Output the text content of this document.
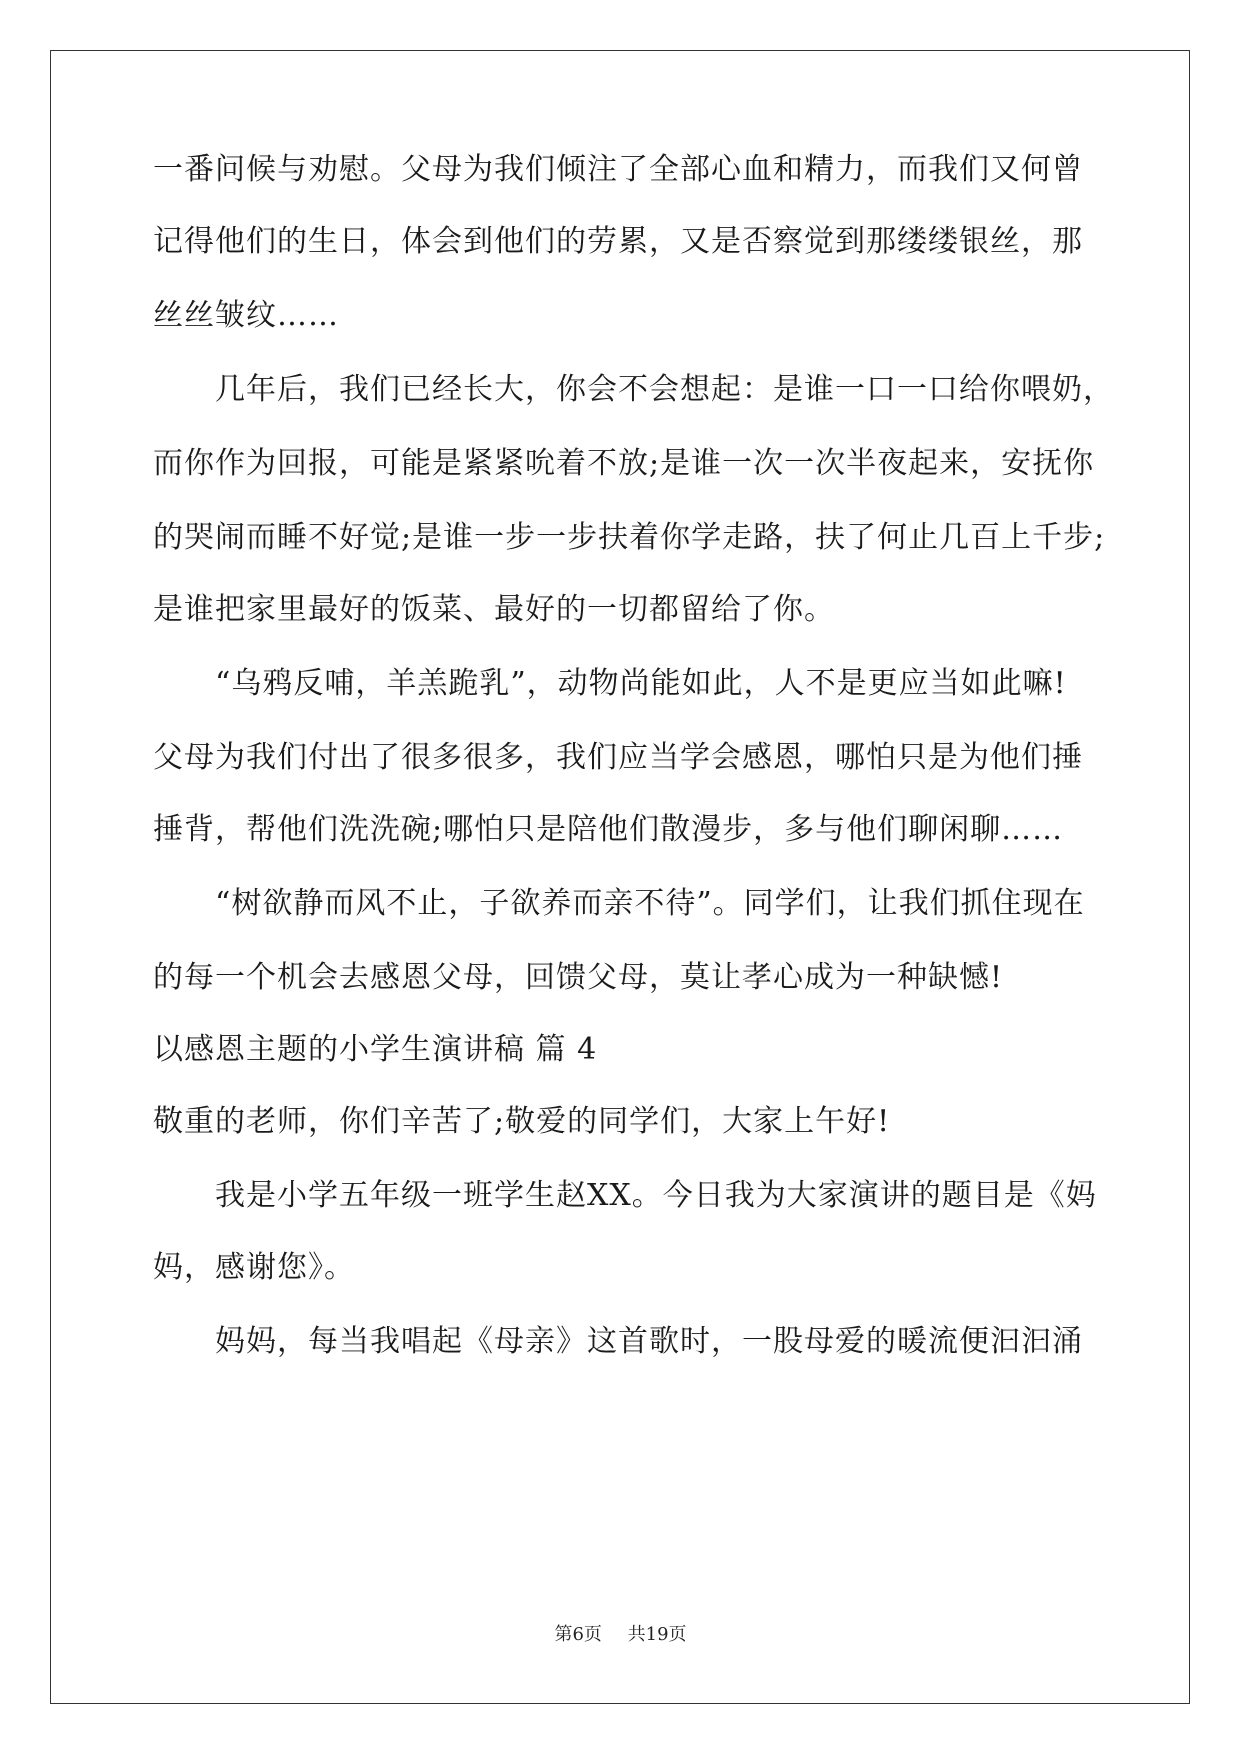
一番问候与劝慰。父母为我们倾注了全部心血和精力，而我们又何曾
记得他们的生日，体会到他们的劳累，又是否察觉到那缕缕银丝，那
丝丝皱纹……
几年后，我们已经长大，你会不会想起：是谁一口一口给你喂奶，
而你作为回报，可能是紧紧吮着不放;是谁一次一次半夜起来，安抚你
的哭闹而睡不好觉;是谁一步一步扶着你学走路，扶了何止几百上千步;
是谁把家里最好的饭菜、最好的一切都留给了你。
“乌鸦反哺，羊羔跪乳”，动物尚能如此，人不是更应当如此嘛!
父母为我们付出了很多很多，我们应当学会感恩，哪怕只是为他们捶
捶背，帮他们洗洗碗;哪怕只是陪他们散漫步，多与他们聊闲聊……
“树欲静而风不止，子欲养而亲不待”。同学们，让我们抓住现在
的每一个机会去感恩父母，回馈父母，莫让孝心成为一种缺憾!
以感恩主题的小学生演讲稿 篇 4
敬重的老师，你们辛苦了;敬爱的同学们，大家上午好!
我是小学五年级一班学生赵XX。今日我为大家演讲的题目是《妈
妈，感谢您》。
妈妈，每当我唱起《母亲》这首歌时，一股母爱的暖流便汩汩涌
第6页 共19页
